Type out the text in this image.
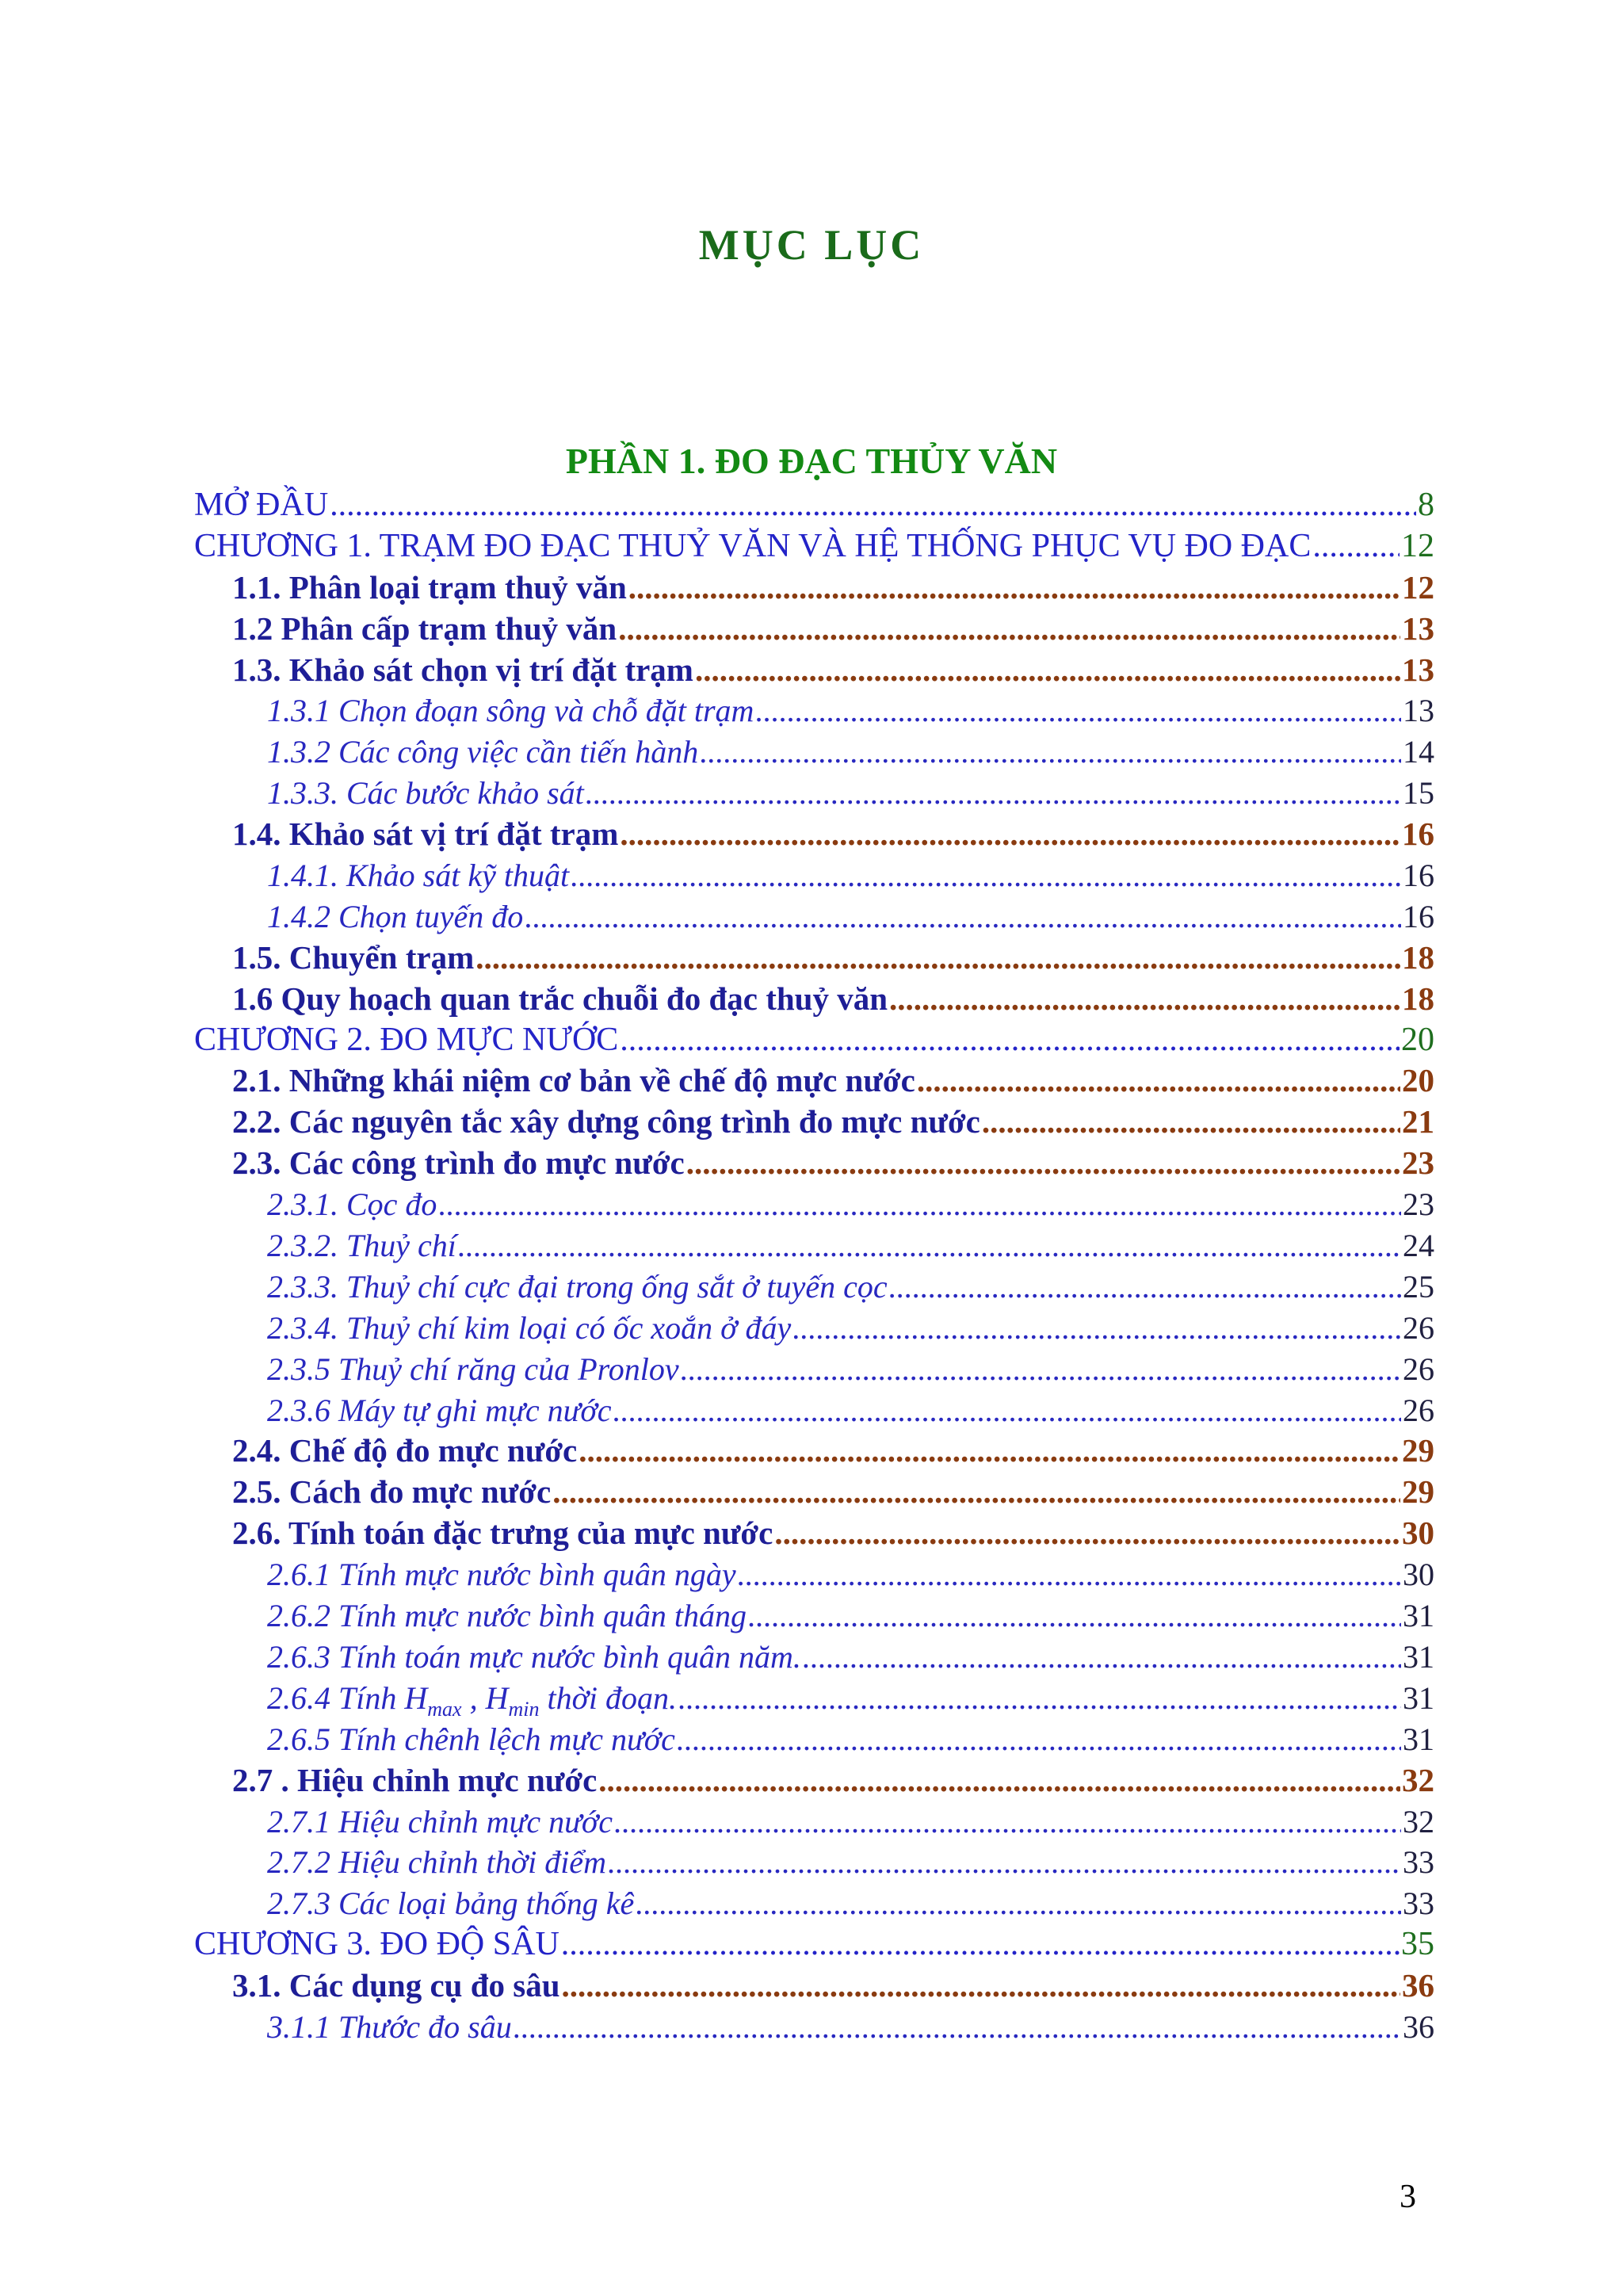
MỤC LỤC
PHẦN 1. ĐO ĐẠC THỦY VĂN
MỞ ĐẦU .....	8
CHƯƠNG 1. TRẠM ĐO ĐẠC THUỶ VĂN VÀ HỆ THỐNG PHỤC VỤ ĐO ĐẠC .....	12
1.1. Phân loại trạm thuỷ văn .....	12
1.2 Phân cấp trạm thuỷ văn .....	13
1.3. Khảo sát chọn vị trí đặt trạm .....	13
1.3.1 Chọn đoạn sông và chỗ đặt trạm .....	13
1.3.2 Các công việc cần tiến hành .....	14
1.3.3. Các bước khảo sát .....	15
1.4. Khảo sát vị trí đặt trạm .....	16
1.4.1. Khảo sát kỹ thuật .....	16
1.4.2 Chọn tuyến đo .....	16
1.5. Chuyển trạm .....	18
1.6 Quy hoạch quan trắc chuỗi đo đạc thuỷ văn .....	18
CHƯƠNG 2. ĐO MỰC NƯỚC .....	20
2.1. Những khái niệm cơ bản về chế độ mực nước .....	20
2.2. Các nguyên tắc xây dựng công trình đo mực nước .....	21
2.3. Các công trình đo mực nước .....	23
2.3.1. Cọc đo .....	23
2.3.2. Thuỷ chí .....	24
2.3.3. Thuỷ chí cực đại trong ống sắt ở tuyến cọc .....	25
2.3.4. Thuỷ chí kim loại có ốc xoắn ở đáy .....	26
2.3.5 Thuỷ chí răng của Pronlov .....	26
2.3.6 Máy tự ghi mực nước .....	26
2.4. Chế độ đo mực nước .....	29
2.5. Cách đo mực nước .....	29
2.6. Tính toán đặc trưng của mực nước .....	30
2.6.1 Tính mực nước bình quân ngày .....	30
2.6.2 Tính mực nước bình quân tháng .....	31
2.6.3 Tính toán mực nước bình quân năm. .....	31
2.6.4 Tính $H_{max}$ , $H_{min}$ thời đoạn. .....	31
2.6.5 Tính chênh lệch mực nước .....	31
2.7 . Hiệu chỉnh mực nước .....	32
2.7.1 Hiệu chỉnh mực nước .....	32
2.7.2 Hiệu chỉnh thời điểm .....	33
2.7.3 Các loại bảng thống kê .....	33
CHƯƠNG 3. ĐO ĐỘ SÂU .....	35
3.1. Các dụng cụ đo sâu .....	36
3.1.1 Thước đo sâu .....	36
3
